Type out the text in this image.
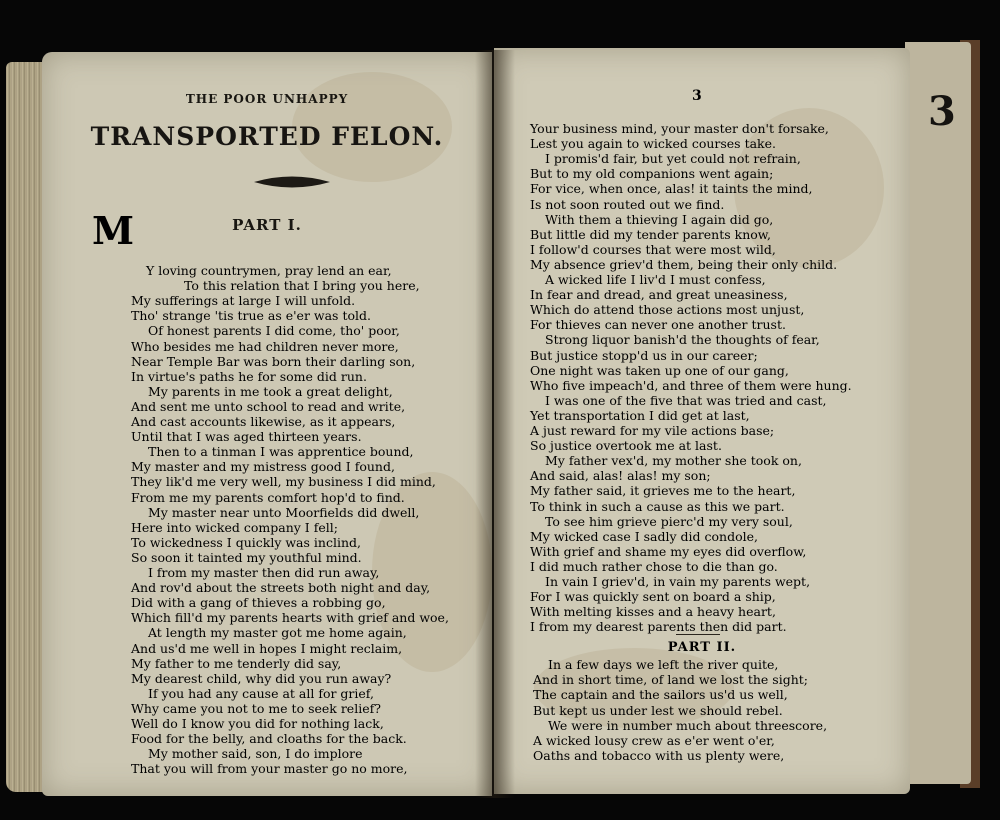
3
THE POOR UNHAPPY
TRANSPORTED FELON.
PART I.
M
3
PART II.
Y loving countrymen, pray lend an ear,
To this relation that I bring you here,
My sufferings at large I will unfold.
Tho' strange 'tis true as e'er was told.
Of honest parents I did come, tho' poor,
Who besides me had children never more,
Near Temple Bar was born their darling son,
In virtue's paths he for some did run.
My parents in me took a great delight,
And sent me unto school to read and write,
And cast accounts likewise, as it appears,
Until that I was aged thirteen years.
Then to a tinman I was apprentice bound,
My master and my mistress good I found,
They lik'd me very well, my business I did mind,
From me my parents comfort hop'd to find.
My master near unto Moorfields did dwell,
Here into wicked company I fell;
To wickedness I quickly was inclind,
So soon it tainted my youthful mind.
I from my master then did run away,
And rov'd about the streets both night and day,
Did with a gang of thieves a robbing go,
Which fill'd my parents hearts with grief and woe,
At length my master got me home again,
And us'd me well in hopes I might reclaim,
My father to me tenderly did say,
My dearest child, why did you run away?
If you had any cause at all for grief,
Why came you not to me to seek relief?
Well do I know you did for nothing lack,
Food for the belly, and cloaths for the back.
My mother said, son, I do implore
That you will from your master go no more,
Your business mind, your master don't forsake,
Lest you again to wicked courses take.
I promis'd fair, but yet could not refrain,
But to my old companions went again;
For vice, when once, alas! it taints the mind,
Is not soon routed out we find.
With them a thieving I again did go,
But little did my tender parents know,
I follow'd courses that were most wild,
My absence griev'd them, being their only child.
A wicked life I liv'd I must confess,
In fear and dread, and great uneasiness,
Which do attend those actions most unjust,
For thieves can never one another trust.
Strong liquor banish'd the thoughts of fear,
But justice stopp'd us in our career;
One night was taken up one of our gang,
Who five impeach'd, and three of them were hung.
I was one of the five that was tried and cast,
Yet transportation I did get at last,
A just reward for my vile actions base;
So justice overtook me at last.
My father vex'd, my mother she took on,
And said, alas! alas! my son;
My father said, it grieves me to the heart,
To think in such a cause as this we part.
To see him grieve pierc'd my very soul,
My wicked case I sadly did condole,
With grief and shame my eyes did overflow,
I did much rather chose to die than go.
In vain I griev'd, in vain my parents wept,
For I was quickly sent on board a ship,
With melting kisses and a heavy heart,
I from my dearest parents then did part.
In a few days we left the river quite,
And in short time, of land we lost the sight;
The captain and the sailors us'd us well,
But kept us under lest we should rebel.
We were in number much about threescore,
A wicked lousy crew as e'er went o'er,
Oaths and tobacco with us plenty were,
